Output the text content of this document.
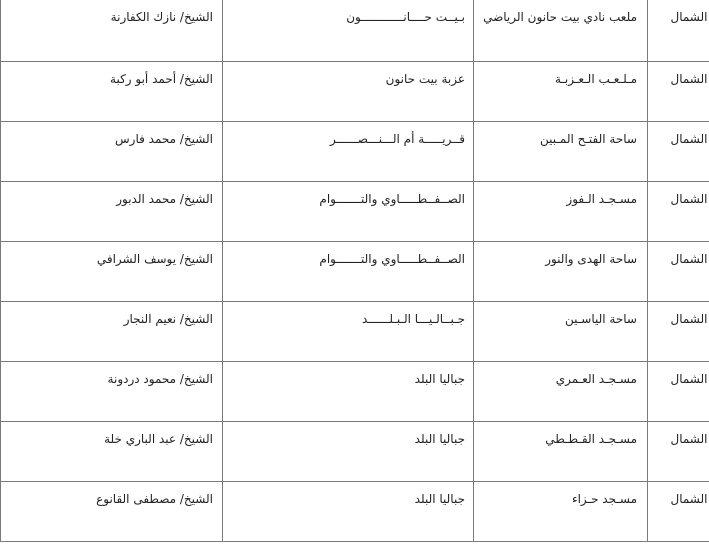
الشمال	ملعب نادي بيت حانون الرياضي	بـيــت حــــانــــــــــــون	الشيخ/ نازك الكفارنة
الشمال	مـلـعـب الـعـزبـة	عزبة بيت حانون	الشيخ/ أحمد أبو ركبة
الشمال	ساحة الفتـح المـبين	قــريـــــة أم الـــنـــصــــــر	الشيخ/ محمد فارس
الشمال	مسـجـد الـفوز	الصــفــطـــــاوي والتـــــــوام	الشيخ/ محمد الدبور
الشمال	ساحة الهدى والنور	الصــفــطـــــاوي والتـــــــوام	الشيخ/ يوسف الشرافي
الشمال	ساحة الياسـين	جـبــالـيـــا الـبـلــــــد	الشيخ/ نعيم النجار
الشمال	مسـجـد العـمري	جباليا البلد	الشيخ/ محمود دردونة
الشمال	مسـجـد القـطـطي	جباليا البلد	الشيخ/ عبد الباري خلة
الشمال	مسـجد حـزاء	جباليا البلد	الشيخ/ مصطفى القانوع
